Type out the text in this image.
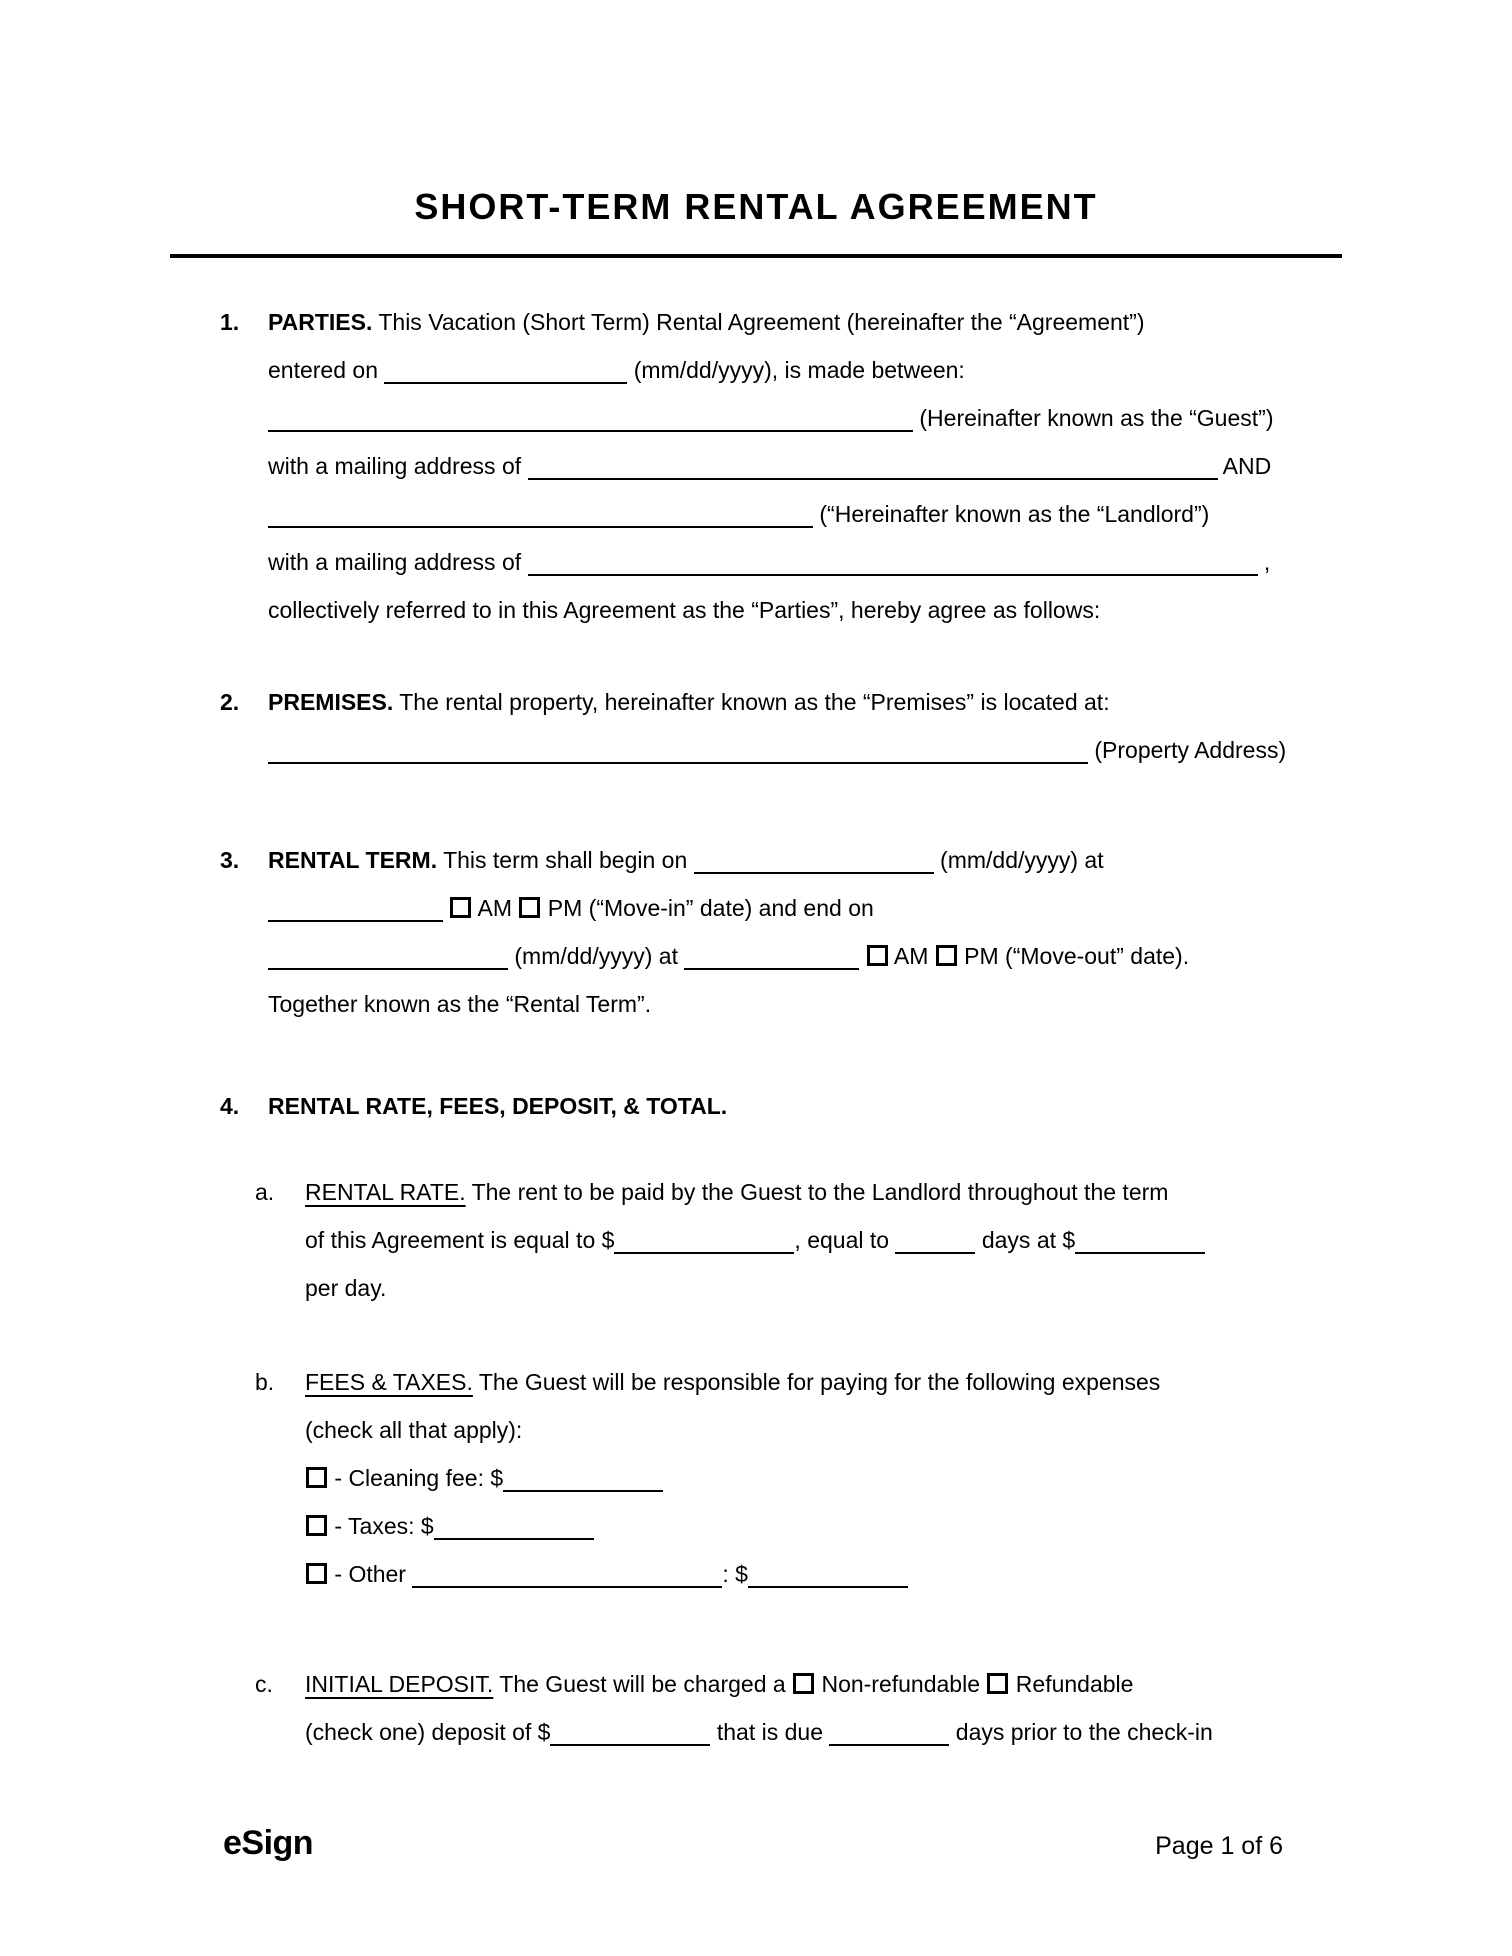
SHORT-TERM RENTAL AGREEMENT
1. PARTIES. This Vacation (Short Term) Rental Agreement (hereinafter the “Agreement”)
entered on	(mm/dd/yyyy), is made between:
(Hereinafter known as the “Guest”)
with a mailing address of	AND
(“Hereinafter known as the “Landlord”)
with a mailing address of	,
collectively referred to in this Agreement as the “Parties”, hereby agree as follows:
2. PREMISES. The rental property, hereinafter known as the “Premises” is located at:
(Property Address)
3. RENTAL TERM. This term shall begin on	(mm/dd/yyyy) at
AM  PM (“Move-in” date) and end on
(mm/dd/yyyy) at	AM  PM (“Move-out” date).
Together known as the “Rental Term”.
4. RENTAL RATE, FEES, DEPOSIT, & TOTAL.
a. RENTAL RATE. The rent to be paid by the Guest to the Landlord throughout the term
of this Agreement is equal to $	, equal to	days at $
per day.
b. FEES & TAXES. The Guest will be responsible for paying for the following expenses
(check all that apply):
- Cleaning fee: $
- Taxes: $
- Other	: $
c. INITIAL DEPOSIT. The Guest will be charged a  Non-refundable  Refundable
(check one) deposit of $	that is due	days prior to the check-in
eSign	Page 1 of 6
